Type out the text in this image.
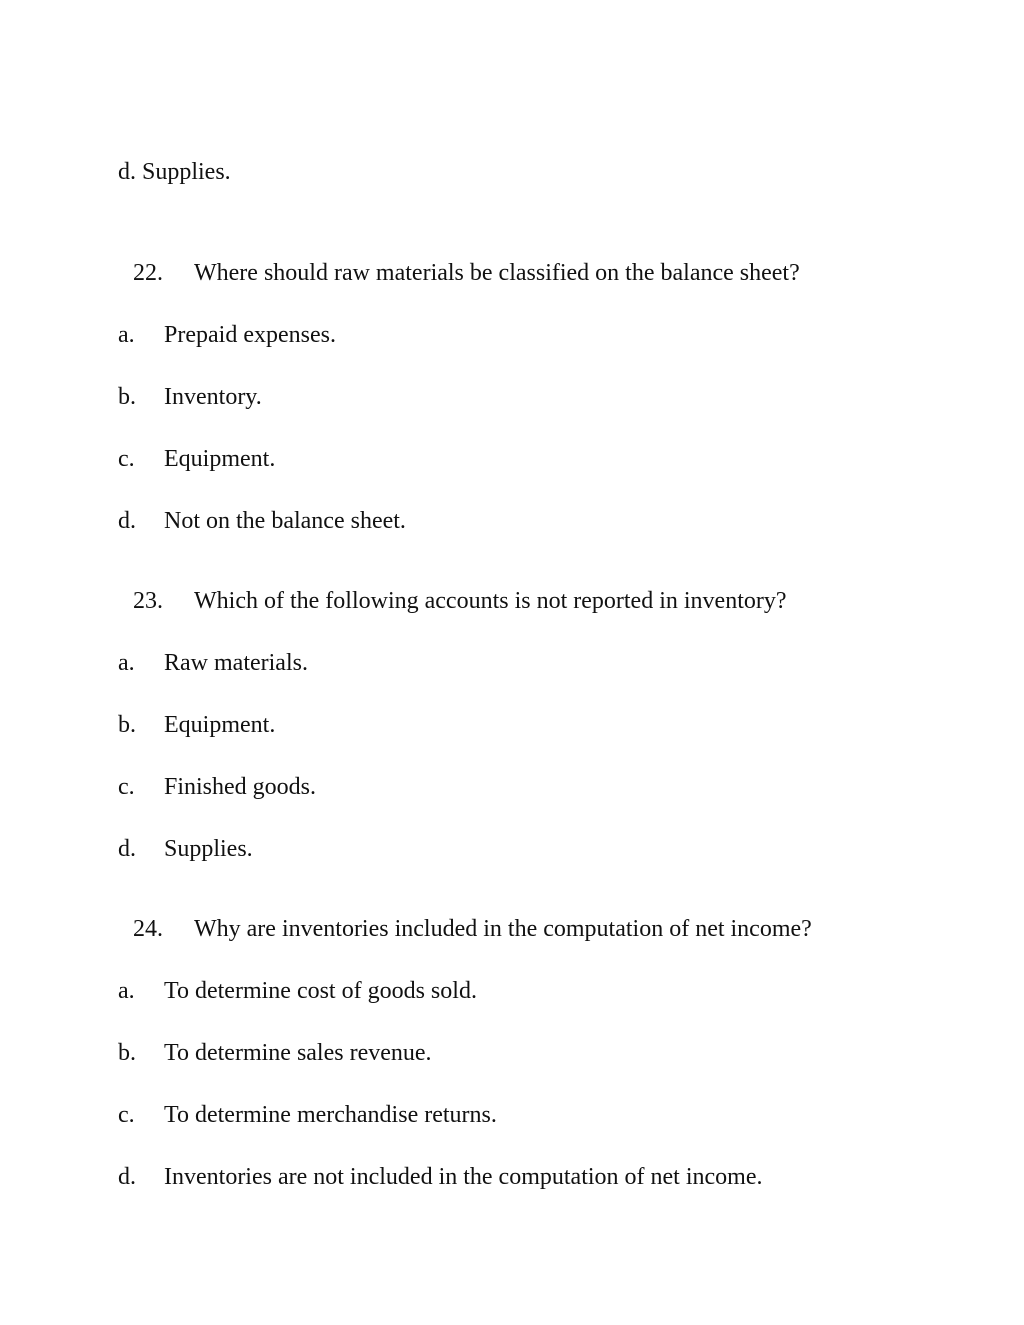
d. Supplies.
22. Where should raw materials be classified on the balance sheet?
a. Prepaid expenses.
b. Inventory.
c. Equipment.
d. Not on the balance sheet.
23. Which of the following accounts is not reported in inventory?
a. Raw materials.
b. Equipment.
c. Finished goods.
d. Supplies.
24. Why are inventories included in the computation of net income?
a. To determine cost of goods sold.
b. To determine sales revenue.
c. To determine merchandise returns.
d. Inventories are not included in the computation of net income.
